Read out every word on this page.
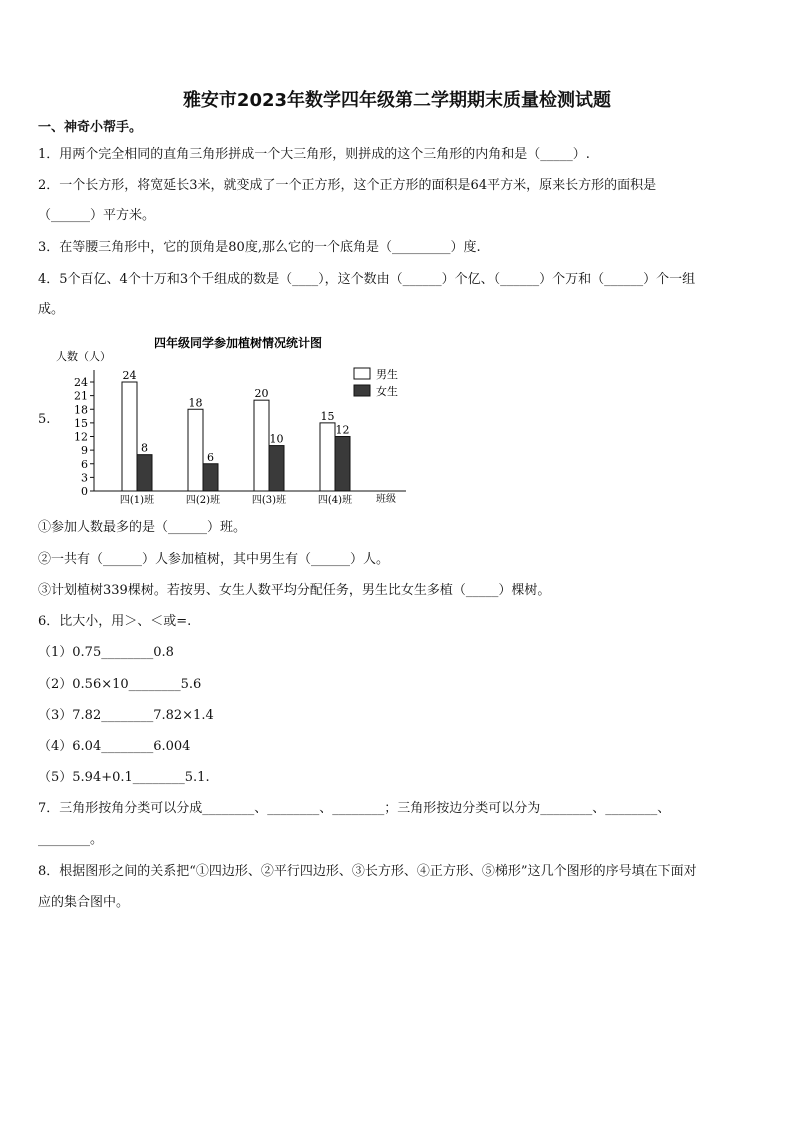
雅安市2023年数学四年级第二学期期末质量检测试题
一、神奇小帮手。
1．用两个完全相同的直角三角形拼成一个大三角形，则拼成的这个三角形的内角和是（_____）.
2．一个长方形，将宽延长3米，就变成了一个正方形，这个正方形的面积是64平方米，原来长方形的面积是
（______）平方米。
3．在等腰三角形中，它的顶角是80度,那么它的一个底角是（_________）度.
4．5个百亿、4个十万和3个千组成的数是（____），这个数由（______）个亿、（______）个万和（______）个一组
成。
5.
四年级同学参加植树情况统计图
人数（人）
班级
0
3
6
9
12
15
18
21
24
24
8
四(1)班
18
6
四(2)班
20
10
四(3)班
15
12
四(4)班
男生
女生
①参加人数最多的是（______）班。
②一共有（______）人参加植树，其中男生有（______）人。
③计划植树339棵树。若按男、女生人数平均分配任务，男生比女生多植（_____）棵树。
6．比大小，用＞、＜或=.
（1）0.75________0.8
（2）0.56×10________5.6
（3）7.82________7.82×1.4
（4）6.04________6.004
（5）5.94+0.1________5.1.
7．三角形按角分类可以分成________、________、________；三角形按边分类可以分为________、________、
________。
8．根据图形之间的关系把“①四边形、②平行四边形、③长方形、④正方形、⑤梯形”这几个图形的序号填在下面对
应的集合图中。
